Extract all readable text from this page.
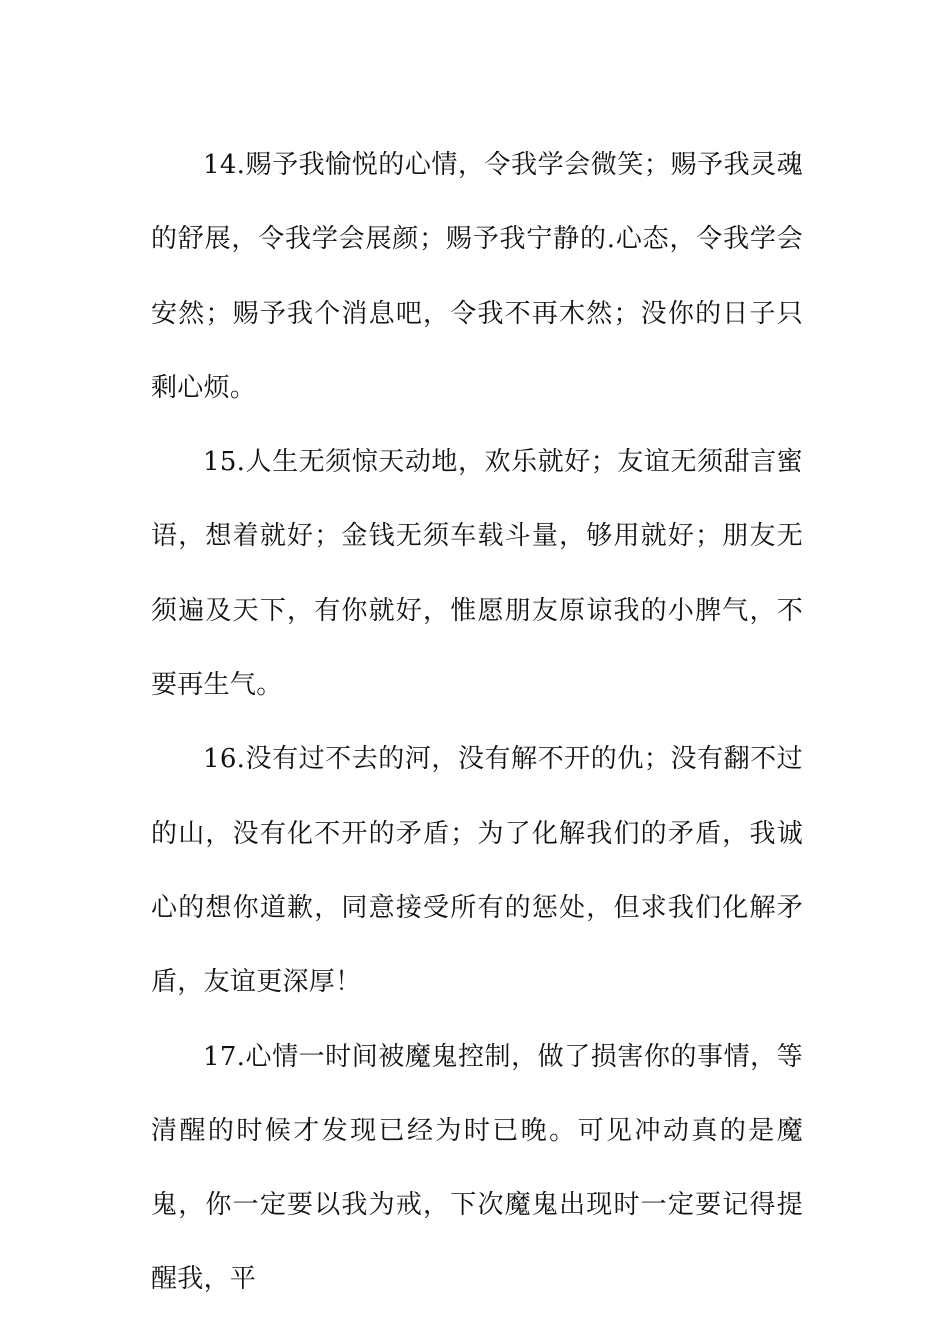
14.赐予我愉悦的心情，令我学会微笑；赐予我灵魂的舒展，令我学会展颜；赐予我宁静的.心态，令我学会安然；赐予我个消息吧，令我不再木然；没你的日子只剩心烦。

15.人生无须惊天动地，欢乐就好；友谊无须甜言蜜语，想着就好；金钱无须车载斗量，够用就好；朋友无须遍及天下，有你就好，惟愿朋友原谅我的小脾气，不要再生气。

16.没有过不去的河，没有解不开的仇；没有翻不过的山，没有化不开的矛盾；为了化解我们的矛盾，我诚心的想你道歉，同意接受所有的惩处，但求我们化解矛盾，友谊更深厚！

17.心情一时间被魔鬼控制，做了损害你的事情，等清醒的时候才发现已经为时已晚。可见冲动真的是魔鬼，你一定要以我为戒，下次魔鬼出现时一定要记得提醒我，平
